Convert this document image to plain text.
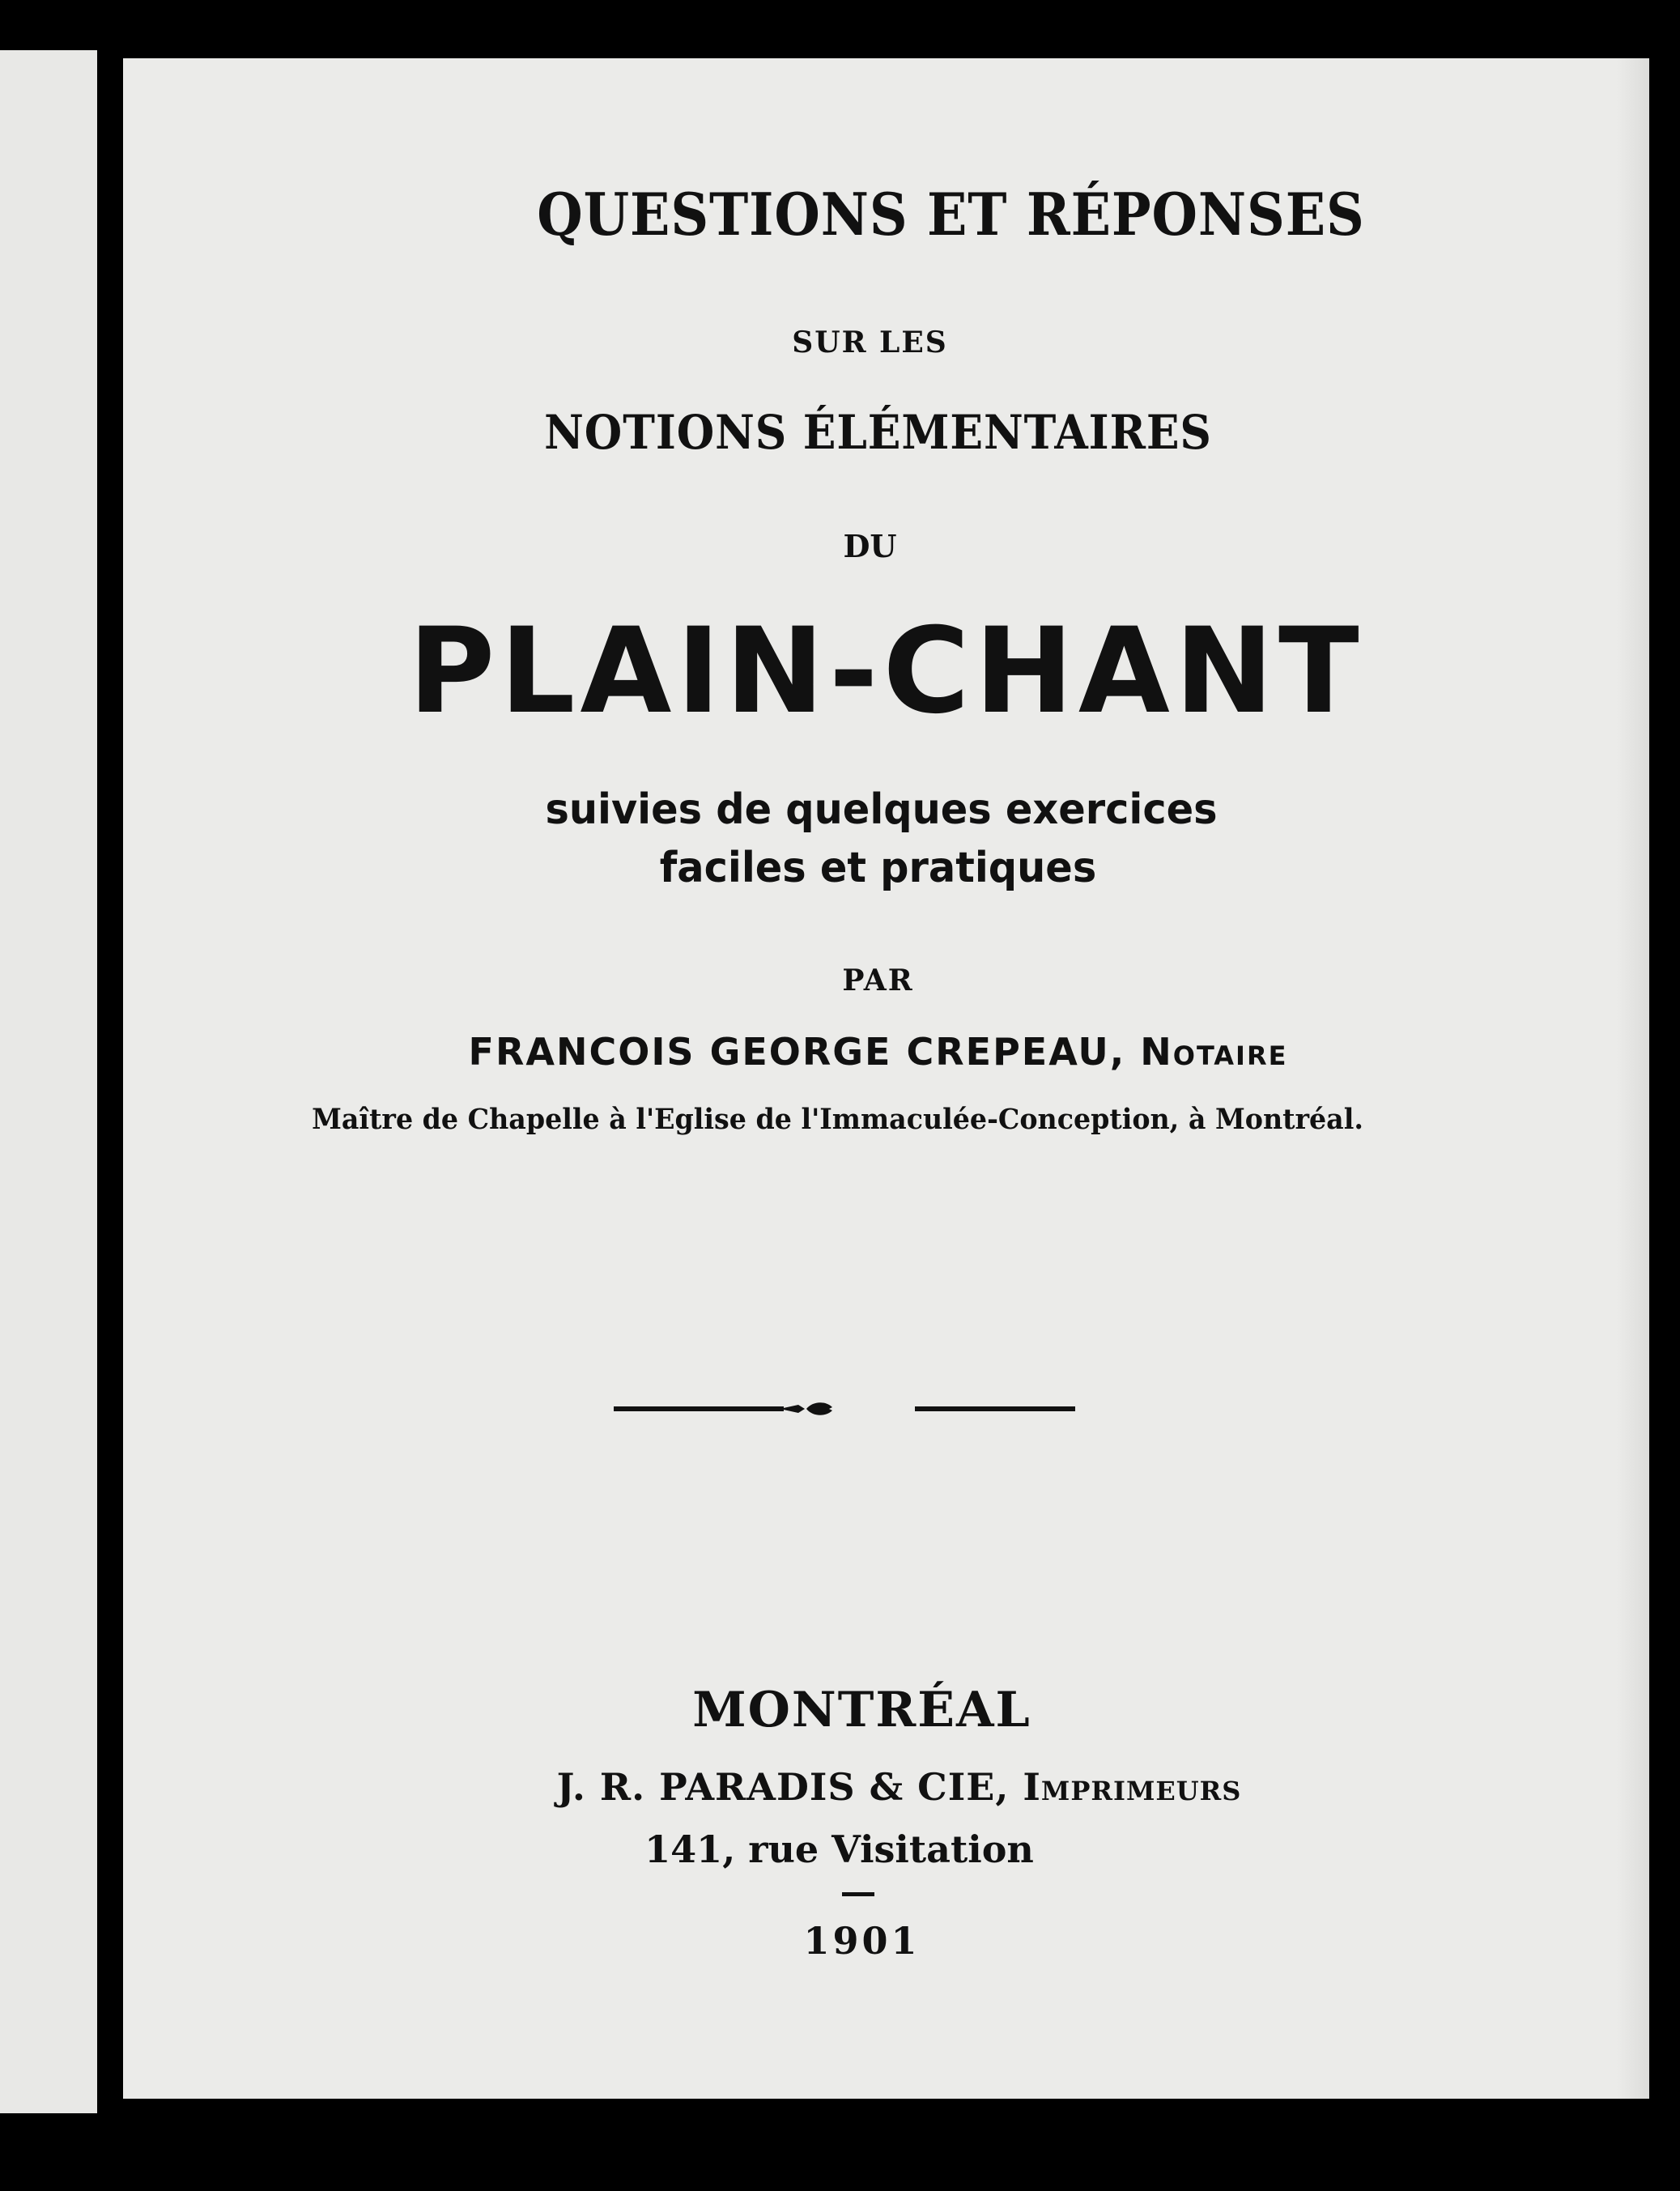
QUESTIONS ET RÉPONSES
SUR LES
NOTIONS ÉLÉMENTAIRES
DU
PLAIN-CHANT
suivies de quelques exercices
faciles et pratiques
PAR
FRANCOIS GEORGE CREPEAU, Notaire
Maître de Chapelle à l'Eglise de l'Immaculée-Conception, à Montréal.
MONTRÉAL
J. R. PARADIS & CIE, Imprimeurs
141, rue Visitation
1901
